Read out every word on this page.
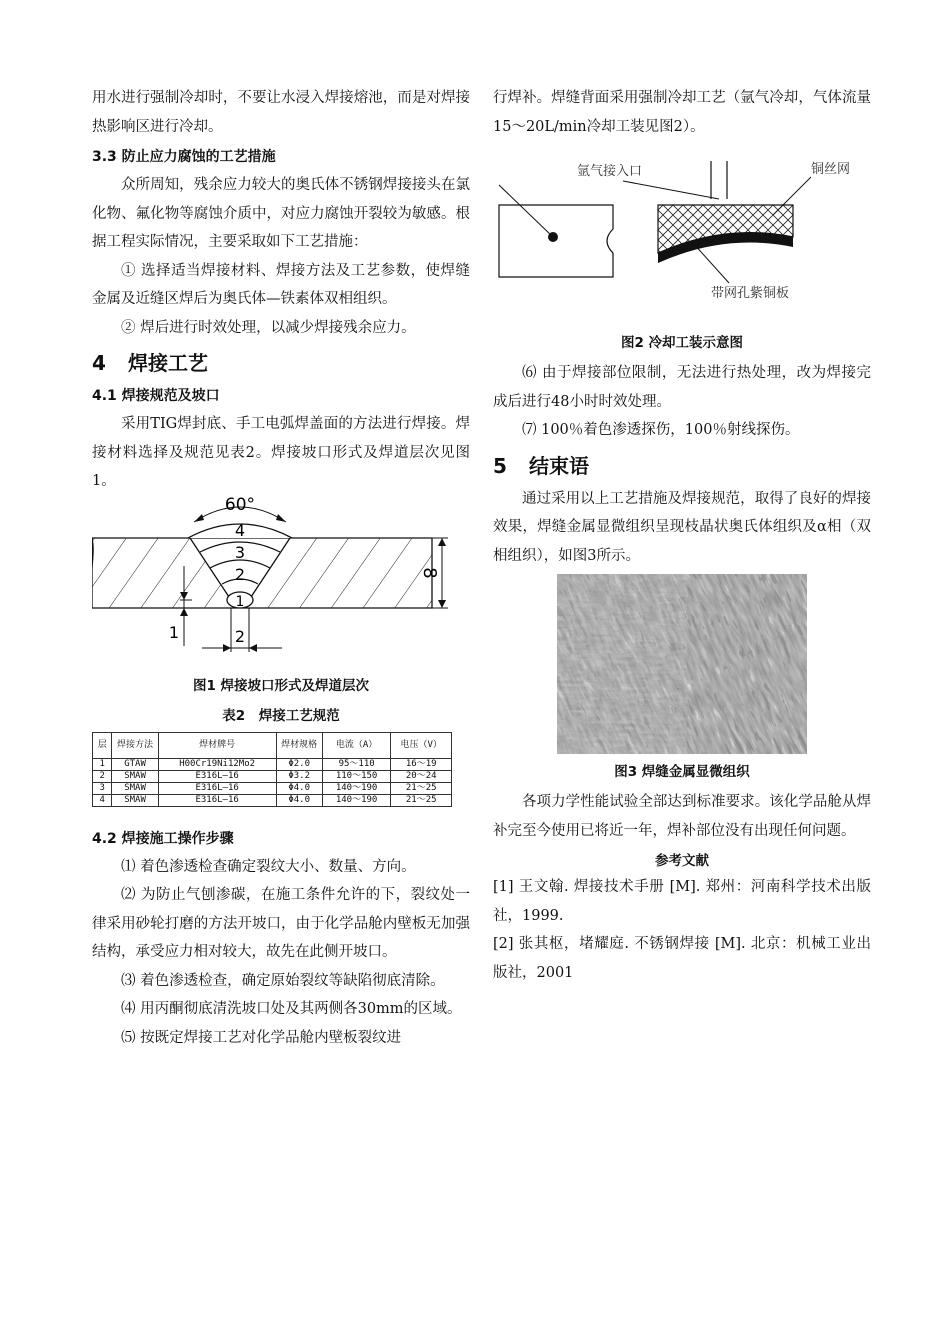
用水进行强制冷却时，不要让水浸入焊接熔池，而是对焊接热影响区进行冷却。

3.3 防止应力腐蚀的工艺措施

众所周知，残余应力较大的奥氏体不锈钢焊接接头在氯化物、氟化物等腐蚀介质中，对应力腐蚀开裂较为敏感。根据工程实际情况，主要采取如下工艺措施：

① 选择适当焊接材料、焊接方法及工艺参数，使焊缝金属及近缝区焊后为奥氏体—铁素体双相组织。

② 焊后进行时效处理，以减少焊接残余应力。

4 焊接工艺
4.1 焊接规范及坡口

采用TIG焊封底、手工电弧焊盖面的方法进行焊接。焊接材料选择及规范见表2。焊接坡口形式及焊道层次见图1。

4
3
2
1
60°
8
1	2
图1 焊接坡口形式及焊道层次
表2　焊接工艺规范
层	焊接方法	焊材牌号	焊材规格	电流（A）	电压（V）
1	GTAW	H00Cr19Ni12Mo2	Φ2.0	95～110	16～19
2	SMAW	E316L—16	Φ3.2	110～150	20～24
3	SMAW	E316L—16	Φ4.0	140～190	21～25
4	SMAW	E316L—16	Φ4.0	140～190	21～25
4.2 焊接施工操作步骤

⑴ 着色渗透检查确定裂纹大小、数量、方向。

⑵ 为防止气刨渗碳，在施工条件允许的下，裂纹处一律采用砂轮打磨的方法开坡口，由于化学品舱内壁板无加强结构，承受应力相对较大，故先在此侧开坡口。

⑶ 着色渗透检查，确定原始裂纹等缺陷彻底清除。

⑷ 用丙酮彻底清洗坡口处及其两侧各30mm的区域。

⑸ 按既定焊接工艺对化学品舱内壁板裂纹进

行焊补。焊缝背面采用强制冷却工艺（氩气冷却，气体流量15～20L/min冷却工装见图2）。

氩气接入口	铜丝网
带网孔紫铜板
图2 冷却工装示意图

⑹ 由于焊接部位限制，无法进行热处理，改为焊接完成后进行48小时时效处理。

⑺ 100％着色渗透探伤，100％射线探伤。

5 结束语

通过采用以上工艺措施及焊接规范，取得了良好的焊接效果，焊缝金属显微组织呈现枝晶状奥氏体组织及α相（双相组织），如图3所示。

图3 焊缝金属显微组织

各项力学性能试验全部达到标准要求。该化学品舱从焊补完至今使用已将近一年，焊补部位没有出现任何问题。

参考文献

[1] 王文翰. 焊接技术手册 [M]. 郑州：河南科学技术出版社，1999.

[2] 张其枢，堵耀庭. 不锈钢焊接 [M]. 北京：机械工业出版社，2001
